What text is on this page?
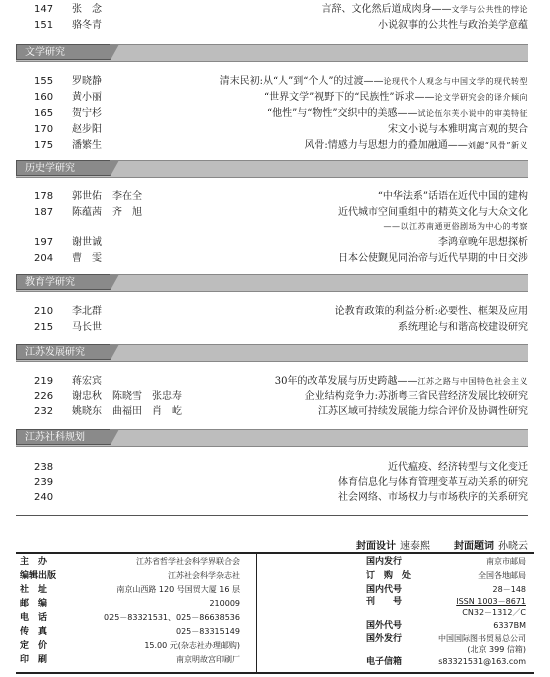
147 张　念	言辞、文化然后道成肉身——文学与公共性的悖论
151 骆冬青	小说叙事的公共性与政治美学意蕴
文学研究
155 罗晓静	清末民初:从“人”到“个人”的过渡——论现代个人观念与中国文学的现代转型
160 黄小丽	“世界文学”视野下的“民族性”诉求——论文学研究会的译介倾向
165 贺宁杉	“他性”与“物性”交织中的美感——试论伍尔芙小说中的审美特征
170 赵步阳	宋文小说与本雅明寓言观的契合
175 潘繁生	风骨:情感力与思想力的叠加融通——刘勰“风骨”新义
历史学研究
178 郭世佑　李在全	“中华法系”话语在近代中国的建构
187 陈蕴茜　齐　旭	近代城市空间重组中的精英文化与大众文化
——以江苏南通更俗剧场为中心的考察
197 谢世诚	李鸿章晚年思想探析
204 曹　雯	日本公使觐见同治帝与近代早期的中日交涉
教育学研究
210 李北群	论教育政策的利益分析:必要性、框架及应用
215 马长世	系统理论与和谐高校建设研究
江苏发展研究
219 蒋宏宾	30年的改革发展与历史跨越——江苏之路与中国特色社会主义
226 谢忠秋　陈晓雪　张忠寿	企业结构竞争力:苏浙粤三省民营经济发展比较研究
232 姚晓东　曲福田　肖　屹	江苏区域可持续发展能力综合评价及协调性研究
江苏社科规划
238	近代瘟疫、经济转型与文化变迁
239	体育信息化与体育管理变革互动关系的研究
240	社会网络、市场权力与市场秩序的关系研究
封面设计 速泰熙 封面题词 孙晓云
主　办	江苏省哲学社会科学界联合会
编辑出版	江苏社会科学杂志社
社　址	南京山西路 120 号国贸大厦 16 层
邮　编	210009
电　话	025－83321531、025－86638536
传　真	025－83315149
定　价	15.00 元(杂志社办理邮购)
印　刷	南京明故宫印刷厂
国内发行	南京市邮局
订　购　处	全国各地邮局
国内代号	28－148
刊　　号	ISSN 1003－8671
CN32－1312／C
国外代号	6337BM
国外发行	中国国际图书贸易总公司
(北京 399 信箱)
电子信箱	s83321531@163.com
